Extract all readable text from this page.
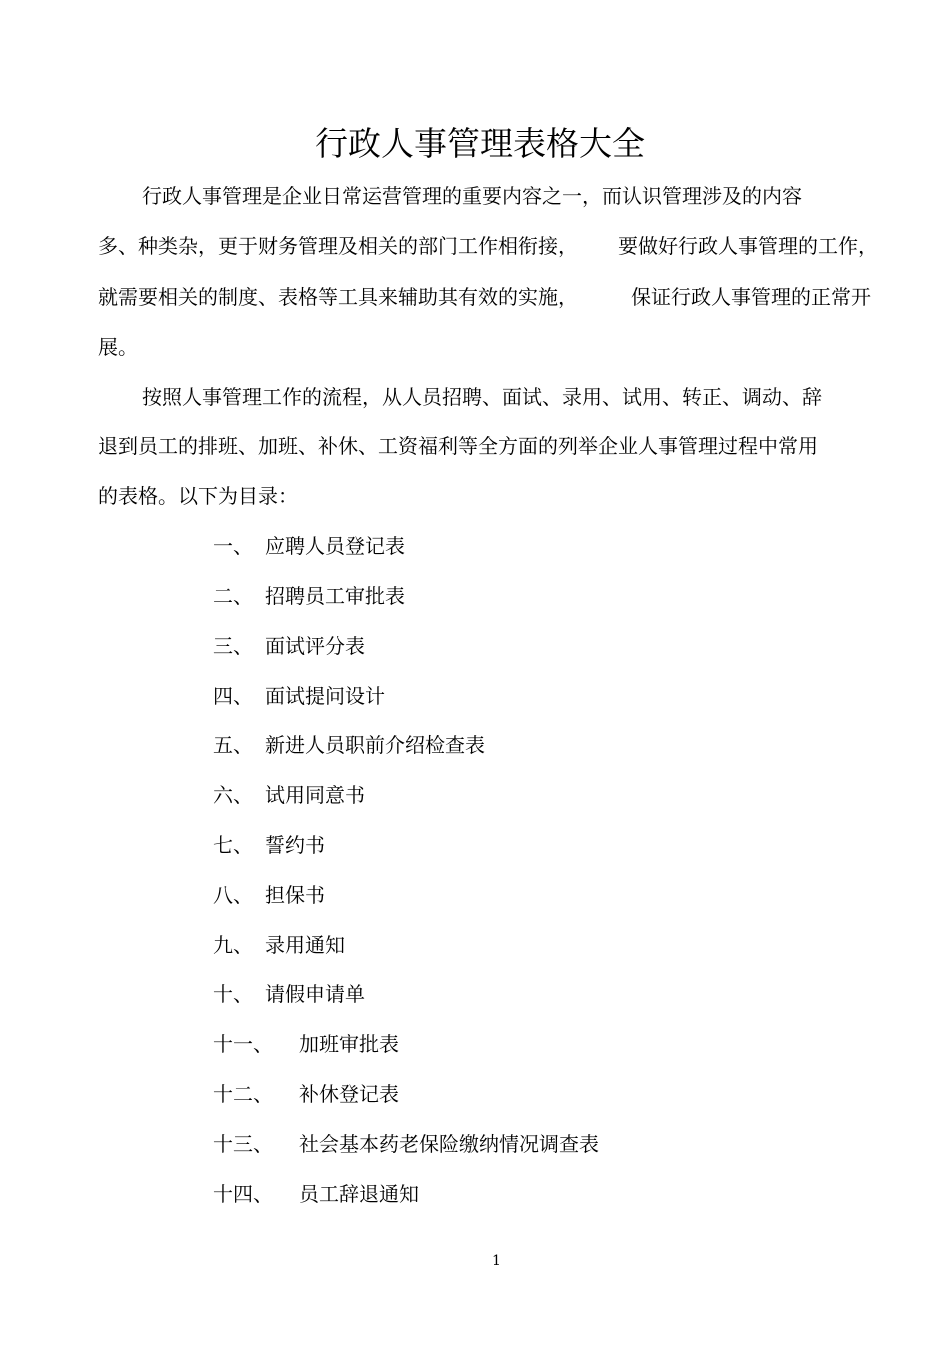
行政人事管理表格大全

行政人事管理是企业日常运营管理的重要内容之一，而认识管理涉及的内容

多、种类杂，更于财务管理及相关的部门工作相衔接， 要做好行政人事管理的工作，

就需要相关的制度、表格等工具来辅助其有效的实施，	保证行政人事管理的正常开

展。

按照人事管理工作的流程，从人员招聘、面试、录用、试用、转正、调动、辞

退到员工的排班、加班、补休、工资福利等全方面的列举企业人事管理过程中常用

的表格。以下为目录：

一、 应聘人员登记表
二、 招聘员工审批表
三、 面试评分表
四、 面试提问设计
五、 新进人员职前介绍检查表
六、 试用同意书
七、 誓约书
八、 担保书
九、 录用通知
十、 请假申请单
十一、 加班审批表
十二、 补休登记表
十三、 社会基本药老保险缴纳情况调查表
十四、 员工辞退通知
1
